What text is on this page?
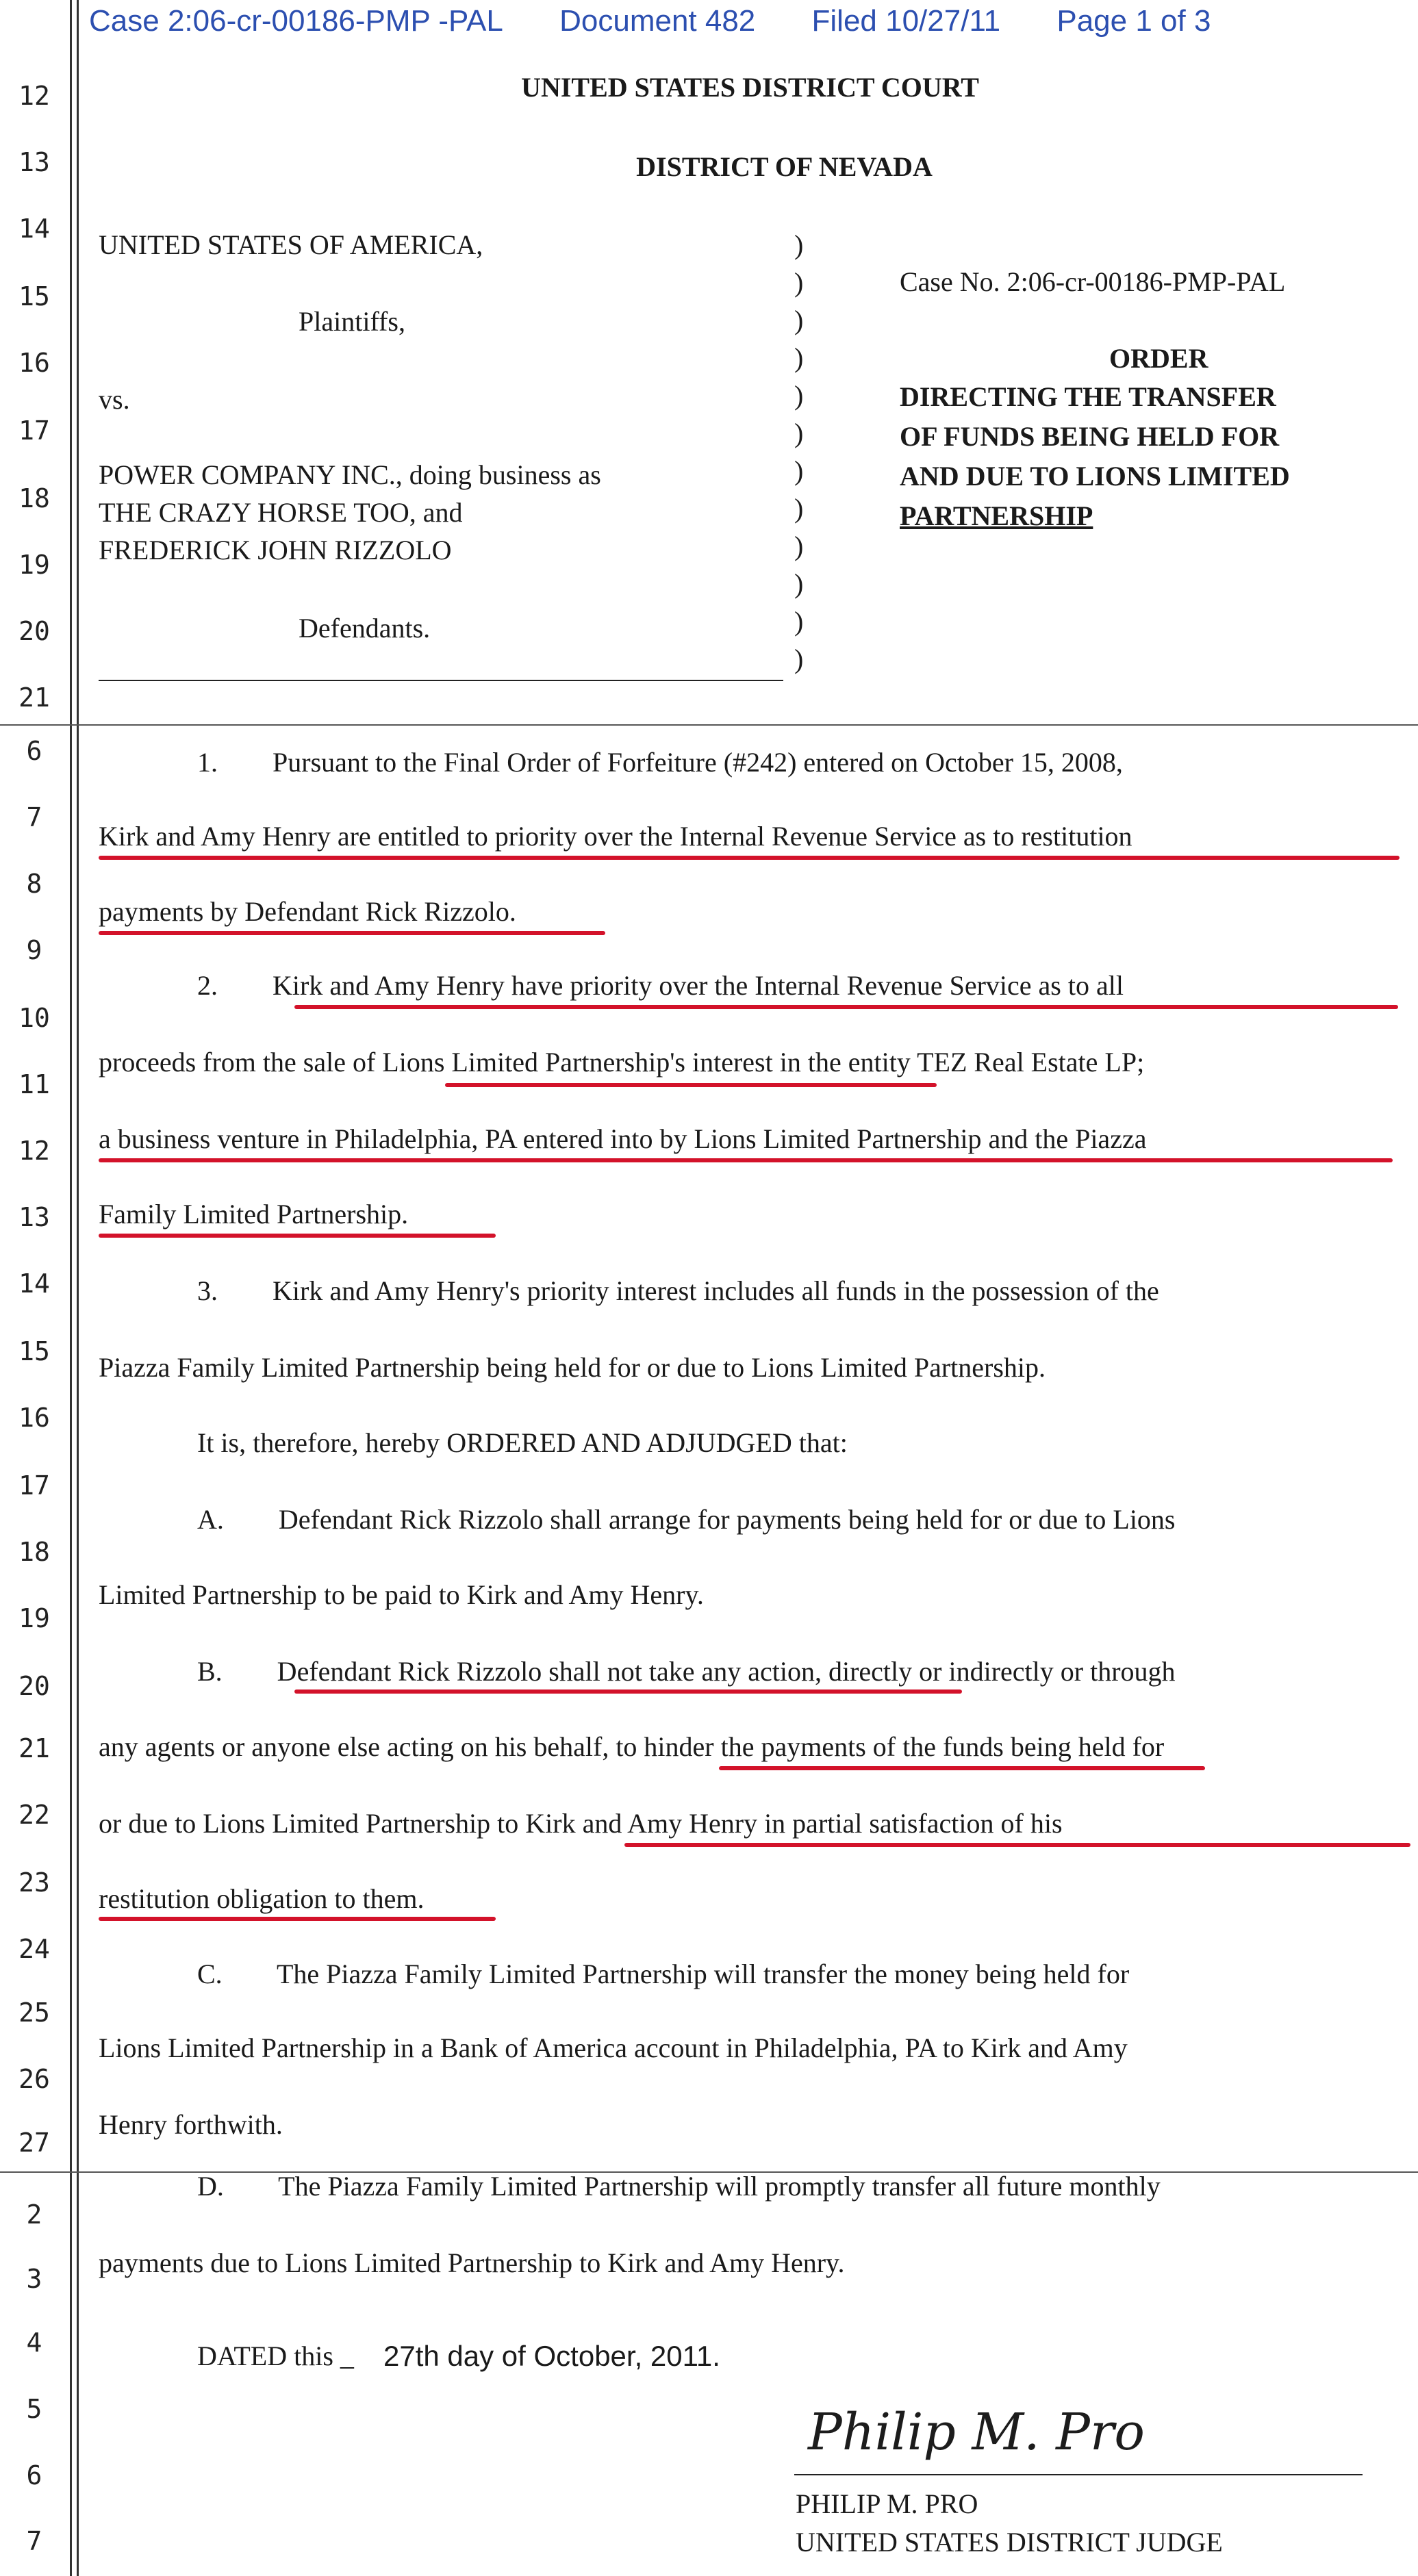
Case 2:06-cr-00186-PMP -PAL Document 482 Filed 10/27/11 Page 1 of 3
12
13
14
15
16
17
18
19
20
21
6
7
8
9
10
11
12
13
14
15
16
17
18
19
20
21
22
23
24
25
26
27
2
3
4
5
6
7
UNITED STATES DISTRICT COURT
DISTRICT OF NEVADA
UNITED STATES OF AMERICA,
Plaintiffs,
vs.
POWER COMPANY INC., doing business as
THE CRAZY HORSE TOO, and
FREDERICK JOHN RIZZOLO
Defendants.
)
)
)
)
)
)
)
)
)
)
)
)
Case No. 2:06-cr-00186-PMP-PAL
ORDER
DIRECTING THE TRANSFER
OF FUNDS BEING HELD FOR
AND DUE TO LIONS LIMITED
PARTNERSHIP
1.        Pursuant to the Final Order of Forfeiture (#242) entered on October 15, 2008,
Kirk and Amy Henry are entitled to priority over the Internal Revenue Service as to restitution
payments by Defendant Rick Rizzolo.
2.        Kirk and Amy Henry have priority over the Internal Revenue Service as to all
proceeds from the sale of Lions Limited Partnership's interest in the entity TEZ Real Estate LP;
a business venture in Philadelphia, PA entered into by Lions Limited Partnership and the Piazza
Family Limited Partnership.
3.        Kirk and Amy Henry's priority interest includes all funds in the possession of the
Piazza Family Limited Partnership being held for or due to Lions Limited Partnership.
It is, therefore, hereby ORDERED AND ADJUDGED that:
A.        Defendant Rick Rizzolo shall arrange for payments being held for or due to Lions
Limited Partnership to be paid to Kirk and Amy Henry.
B.        Defendant Rick Rizzolo shall not take any action, directly or indirectly or through
any agents or anyone else acting on his behalf, to hinder the payments of the funds being held for
or due to Lions Limited Partnership to Kirk and Amy Henry in partial satisfaction of his
restitution obligation to them.
C.        The Piazza Family Limited Partnership will transfer the money being held for
Lions Limited Partnership in a Bank of America account in Philadelphia, PA to Kirk and Amy
Henry forthwith.
D.        The Piazza Family Limited Partnership will promptly transfer all future monthly
payments due to Lions Limited Partnership to Kirk and Amy Henry.
DATED this _ 27th day of October, 2011.
Philip M. Pro
PHILIP M. PRO
UNITED STATES DISTRICT JUDGE
